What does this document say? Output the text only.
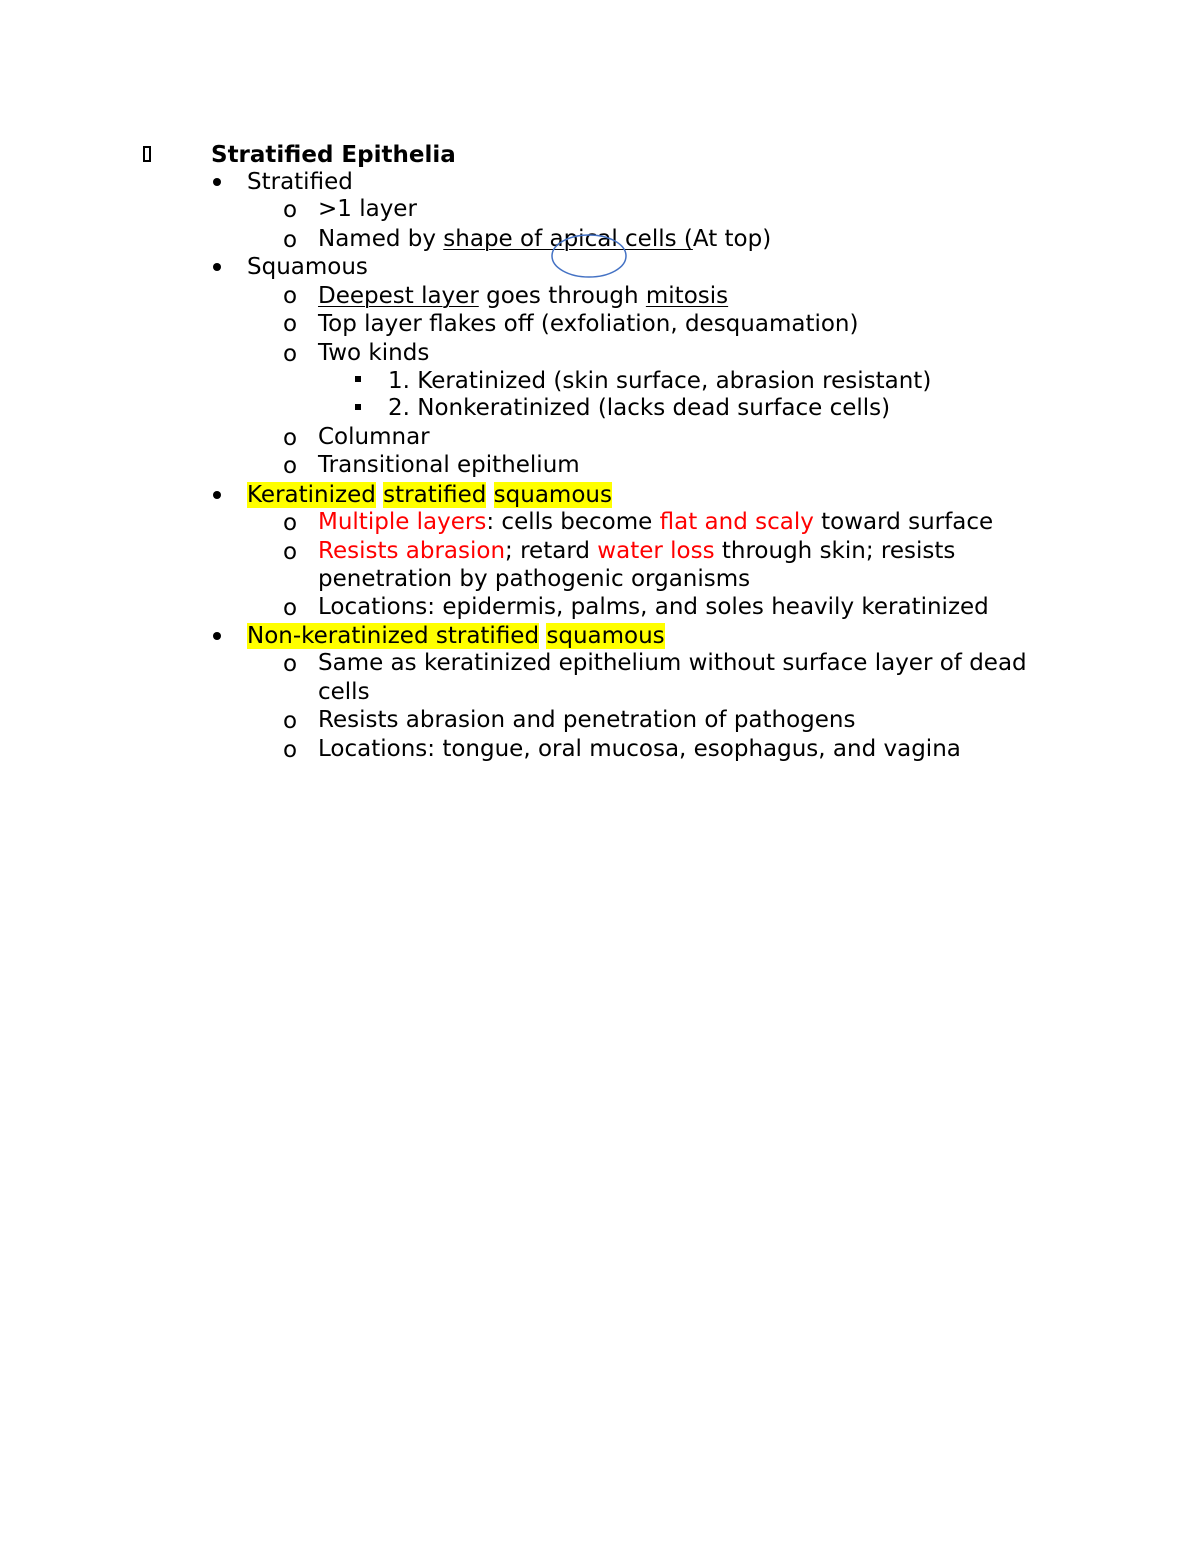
Stratified Epithelia
Stratified
o >1 layer
o Named by shape of apical cells (At top)
Squamous
o Deepest layer goes through mitosis
o Top layer flakes off (exfoliation, desquamation)
o Two kinds
1. Keratinized (skin surface, abrasion resistant)
2. Nonkeratinized (lacks dead surface cells)
o Columnar
o Transitional epithelium
Keratinized stratified squamous
o Multiple layers: cells become flat and scaly toward surface
o Resists abrasion; retard water loss through skin; resists
penetration by pathogenic organisms
o Locations: epidermis, palms, and soles heavily keratinized
Non-keratinized stratified squamous
o Same as keratinized epithelium without surface layer of dead
cells
o Resists abrasion and penetration of pathogens
o Locations: tongue, oral mucosa, esophagus, and vagina
